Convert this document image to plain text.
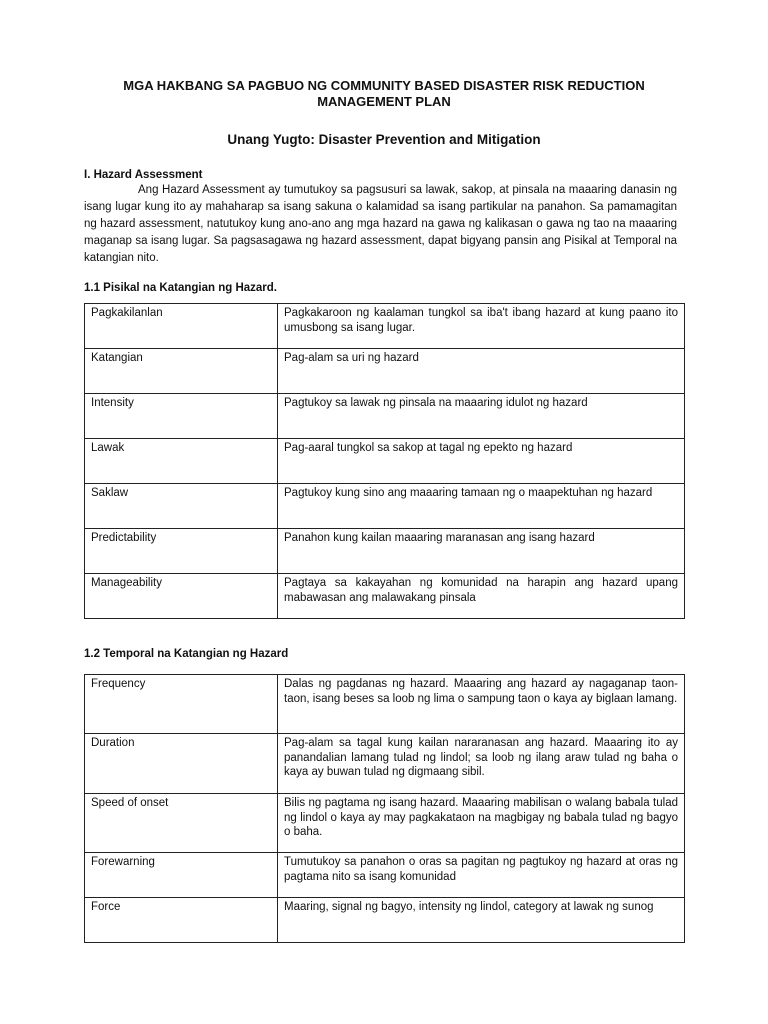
MGA HAKBANG SA PAGBUO NG COMMUNITY BASED DISASTER RISK REDUCTION MANAGEMENT PLAN
Unang Yugto: Disaster Prevention and Mitigation
I. Hazard Assessment

Ang Hazard Assessment ay tumutukoy sa pagsusuri sa lawak, sakop, at pinsala na maaaring danasin ng isang lugar kung ito ay mahaharap sa isang sakuna o kalamidad sa isang partikular na panahon. Sa pamamagitan ng hazard assessment, natutukoy kung ano-ano ang mga hazard na gawa ng kalikasan o gawa ng tao na maaaring maganap sa isang lugar. Sa pagsasagawa ng hazard assessment, dapat bigyang pansin ang Pisikal at Temporal na katangian nito.

1.1 Pisikal na Katangian ng Hazard.
Pagkakilanlan	Pagkakaroon ng kaalaman tungkol sa iba't ibang hazard at kung paano ito umusbong sa isang lugar.
Katangian	Pag-alam sa uri ng hazard
Intensity	Pagtukoy sa lawak ng pinsala na maaaring idulot ng hazard
Lawak	Pag-aaral tungkol sa sakop at tagal ng epekto ng hazard
Saklaw	Pagtukoy kung sino ang maaaring tamaan ng o maapektuhan ng hazard
Predictability	Panahon kung kailan maaaring maranasan ang isang hazard
Manageability	Pagtaya sa kakayahan ng komunidad na harapin ang hazard upang mabawasan ang malawakang pinsala
1.2 Temporal na Katangian ng Hazard
Frequency	Dalas ng pagdanas ng hazard. Maaaring ang hazard ay nagaganap taon-taon, isang beses sa loob ng lima o sampung taon o kaya ay biglaan lamang.
Duration	Pag-alam sa tagal kung kailan nararanasan ang hazard. Maaaring ito ay panandalian lamang tulad ng lindol; sa loob ng ilang araw tulad ng baha o kaya ay buwan tulad ng digmaang sibil.
Speed of onset	Bilis ng pagtama ng isang hazard. Maaaring mabilisan o walang babala tulad ng lindol o kaya ay may pagkakataon na magbigay ng babala tulad ng bagyo o baha.
Forewarning	Tumutukoy sa panahon o oras sa pagitan ng pagtukoy ng hazard at oras ng pagtama nito sa isang komunidad
Force	Maaring, signal ng bagyo, intensity ng lindol, category at lawak ng sunog
